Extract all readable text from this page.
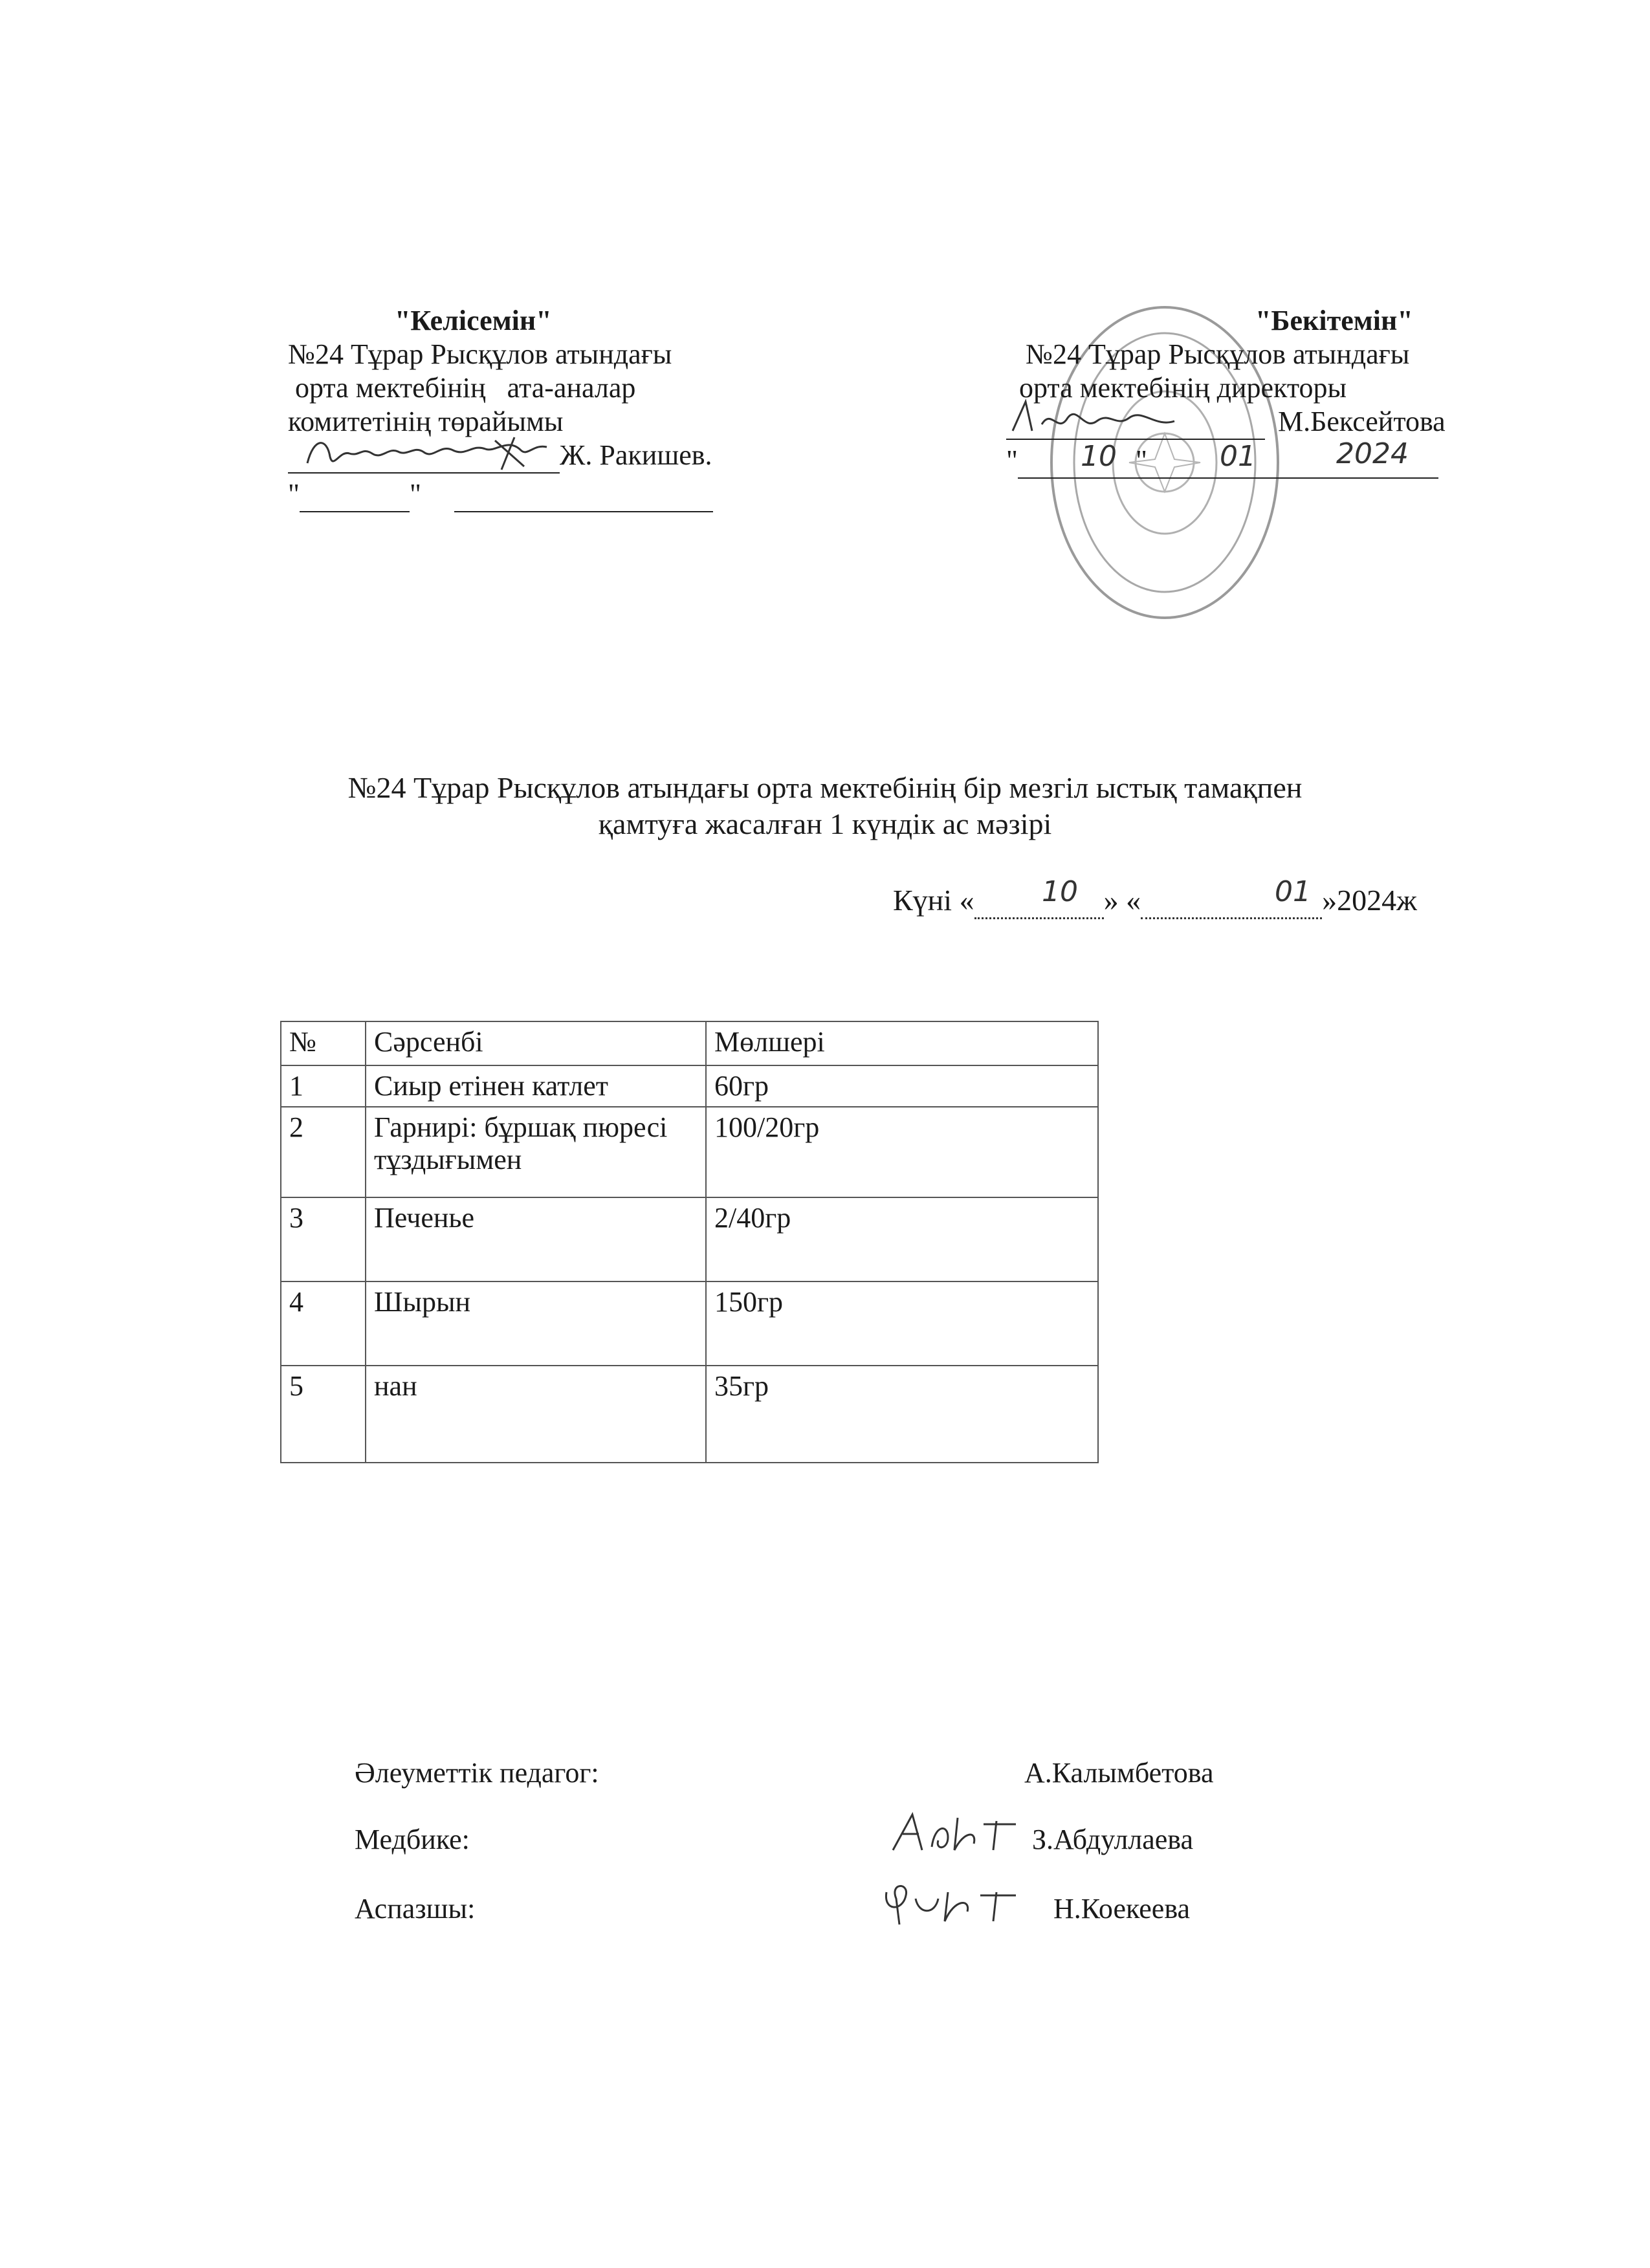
"Келісемін"
№24 Тұрар Рысқұлов атындағы
орта мектебінің   ата-аналар
комитетінің төрайымы
Ж. Ракишев.
"	"
"Бекітемін"
№24 Тұрар Рысқұлов атындағы
орта мектебінің директоры
М.Бексейтова
" 10 "	01	2024
№24 Тұрар Рысқұлов атындағы орта мектебінің бір мезгіл ыстық тамақпен
қамтуға жасалған 1 күндік ас мәзірі
Күні «	» «	»2024ж
10	01
№	Сәрсенбі	Мөлшері
1	Сиыр етінен катлет	60гр
2	Гарнирі: бұршақ пюресі тұздығымен	100/20гр
3	Печенье	2/40гр
4	Шырын	150гр
5	нан	35гр
Әлеуметтік педагог:	А.Калымбетова
Медбике:	З.Абдуллаева
Аспазшы:	Н.Коекеева
